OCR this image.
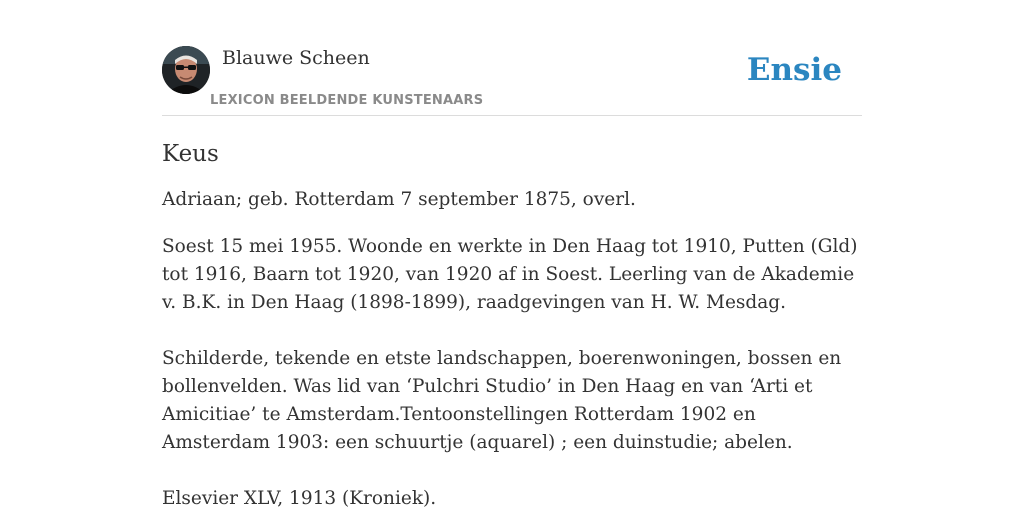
Blauwe Scheen
LEXICON BEELDENDE KUNSTENAARS
Ensie
Keus

Adriaan; geb. Rotterdam 7 september 1875, overl.

Soest 15 mei 1955. Woonde en werkte in Den Haag tot 1910, Putten (Gld) tot 1916, Baarn tot 1920, van 1920 af in Soest. Leerling van de Akademie v. B.K. in Den Haag (1898-1899), raadgevingen van H. W. Mesdag.

Schilderde, tekende en etste landschappen, boerenwoningen, bossen en bollenvelden. Was lid van ‘Pulchri Studio’ in Den Haag en van ‘Arti et Amicitiae’ te Amsterdam.Tentoonstellingen Rotterdam 1902 en Amsterdam 1903: een schuurtje (aquarel) ; een duinstudie; abelen.

Elsevier XLV, 1913 (Kroniek).
